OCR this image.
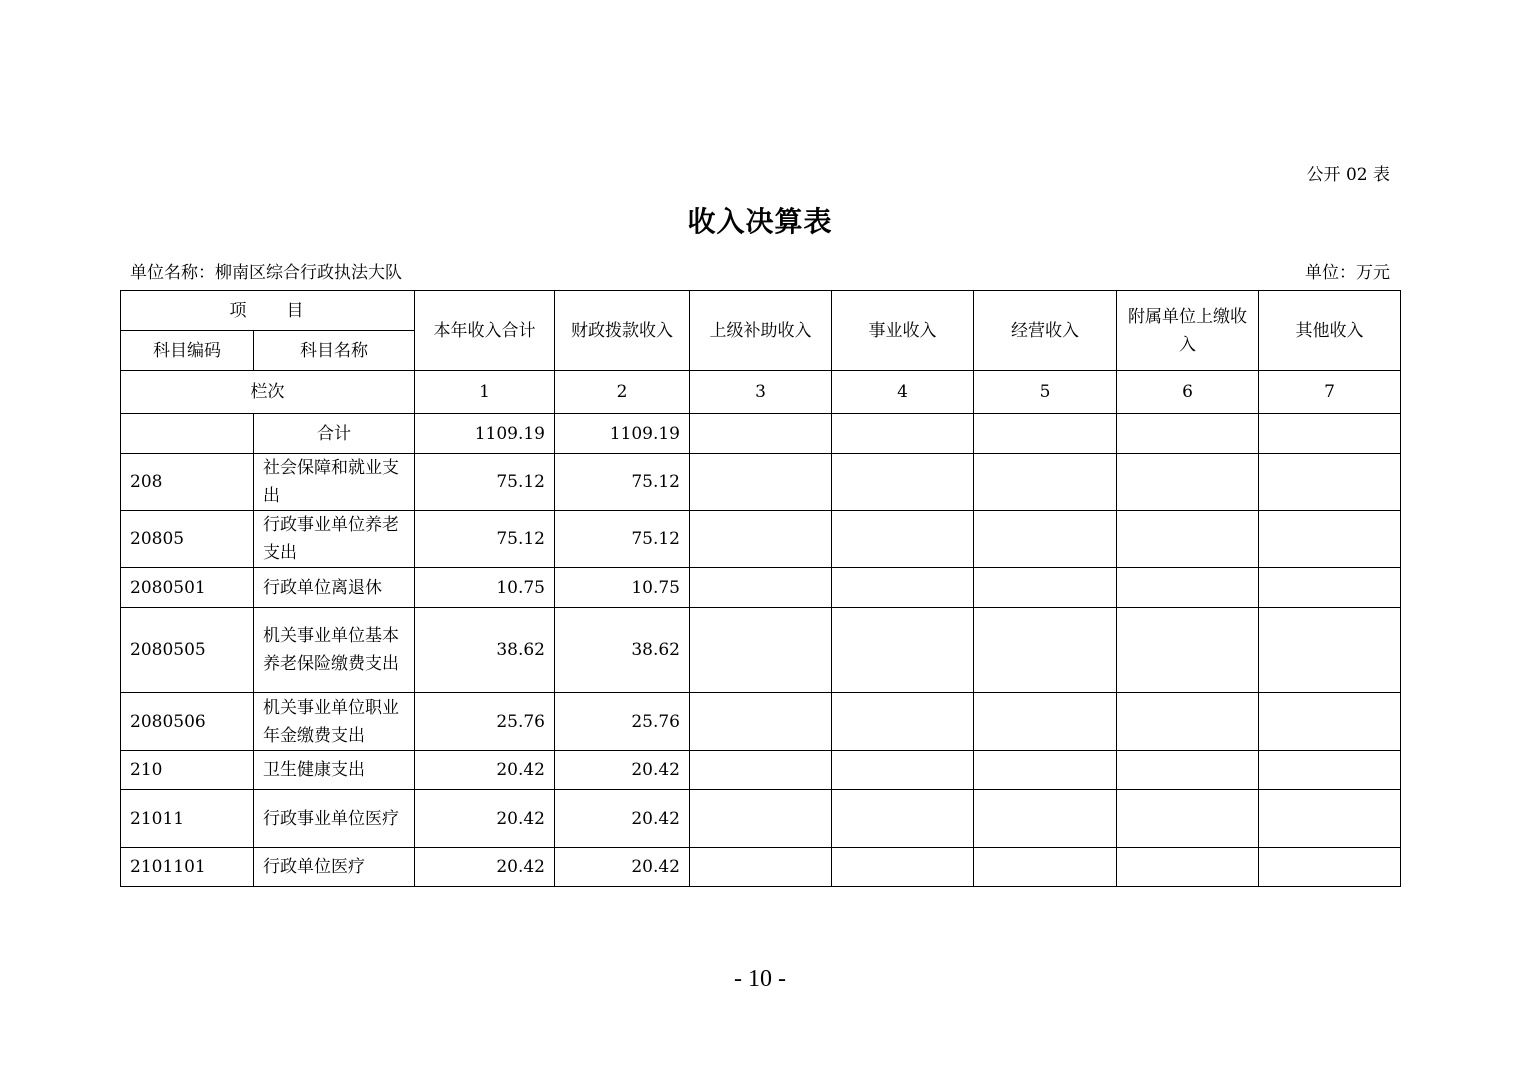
公开 02 表
收入决算表
单位名称：柳南区综合行政执法大队	单位：万元
项　　目		本年收入合计	财政拨款收入	上级补助收入	事业收入	经营收入	附属单位上缴收入	其他收入
科目编码	科目名称							
栏次		1	2	3	4	5	6	7
	合计	1109.19	1109.19					
208	社会保障和就业支出	75.12	75.12					
20805	行政事业单位养老支出	75.12	75.12					
2080501	行政单位离退休	10.75	10.75					
2080505	机关事业单位基本养老保险缴费支出	38.62	38.62					
2080506	机关事业单位职业年金缴费支出	25.76	25.76					
210	卫生健康支出	20.42	20.42					
21011	行政事业单位医疗	20.42	20.42					
2101101	行政单位医疗	20.42	20.42					
- 10 -
